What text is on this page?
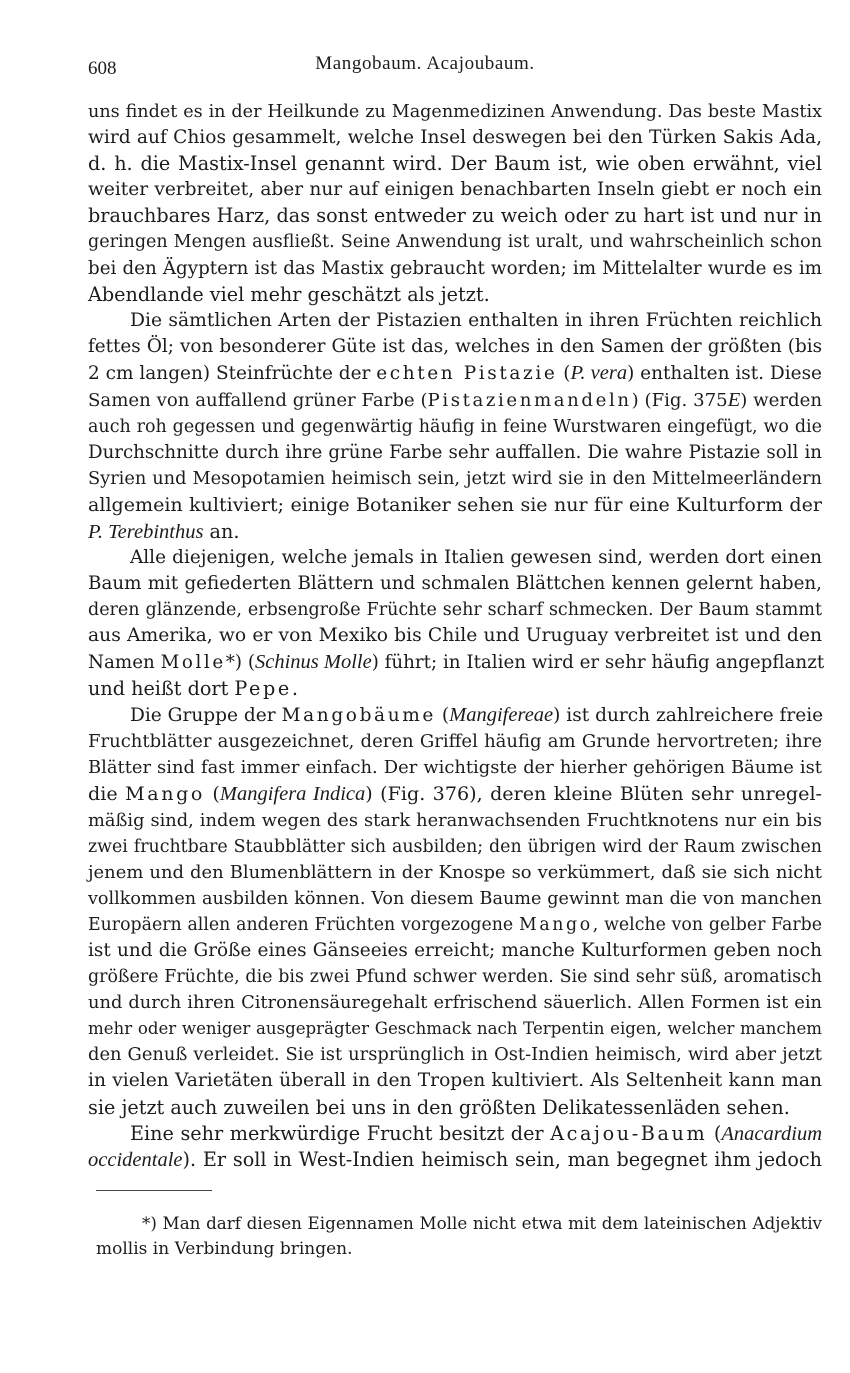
608	Mangobaum. Acajoubaum.
uns findet es in der Heilkunde zu Magenmedizinen Anwendung. Das beste Mastix
wird auf Chios gesammelt, welche Insel deswegen bei den Türken Sakis Ada,
d. h. die Mastix-Insel genannt wird. Der Baum ist, wie oben erwähnt, viel
weiter verbreitet, aber nur auf einigen benachbarten Inseln giebt er noch ein
brauchbares Harz, das sonst entweder zu weich oder zu hart ist und nur in
geringen Mengen ausfließt. Seine Anwendung ist uralt, und wahrscheinlich schon
bei den Ägyptern ist das Mastix gebraucht worden; im Mittelalter wurde es im
Abendlande viel mehr geschätzt als jetzt.
Die sämtlichen Arten der Pistazien enthalten in ihren Früchten reichlich
fettes Öl; von besonderer Güte ist das, welches in den Samen der größten (bis
2 cm langen) Steinfrüchte der echten Pistazie (P. vera) enthalten ist. Diese
Samen von auffallend grüner Farbe (Pistazienmandeln) (Fig. 375E) werden
auch roh gegessen und gegenwärtig häufig in feine Wurstwaren eingefügt, wo die
Durchschnitte durch ihre grüne Farbe sehr auffallen. Die wahre Pistazie soll in
Syrien und Mesopotamien heimisch sein, jetzt wird sie in den Mittelmeerländern
allgemein kultiviert; einige Botaniker sehen sie nur für eine Kulturform der
P. Terebinthus an.
Alle diejenigen, welche jemals in Italien gewesen sind, werden dort einen
Baum mit gefiederten Blättern und schmalen Blättchen kennen gelernt haben,
deren glänzende, erbsengroße Früchte sehr scharf schmecken. Der Baum stammt
aus Amerika, wo er von Mexiko bis Chile und Uruguay verbreitet ist und den
Namen Molle*) (Schinus Molle) führt; in Italien wird er sehr häufig angepflanzt
und heißt dort Pepe.
Die Gruppe der Mangobäume (Mangifereae) ist durch zahlreichere freie
Fruchtblätter ausgezeichnet, deren Griffel häufig am Grunde hervortreten; ihre
Blätter sind fast immer einfach. Der wichtigste der hierher gehörigen Bäume ist
die Mango (Mangifera Indica) (Fig. 376), deren kleine Blüten sehr unregel-
mäßig sind, indem wegen des stark heranwachsenden Fruchtknotens nur ein bis
zwei fruchtbare Staubblätter sich ausbilden; den übrigen wird der Raum zwischen
jenem und den Blumenblättern in der Knospe so verkümmert, daß sie sich nicht
vollkommen ausbilden können. Von diesem Baume gewinnt man die von manchen
Europäern allen anderen Früchten vorgezogene Mango, welche von gelber Farbe
ist und die Größe eines Gänseeies erreicht; manche Kulturformen geben noch
größere Früchte, die bis zwei Pfund schwer werden. Sie sind sehr süß, aromatisch
und durch ihren Citronensäuregehalt erfrischend säuerlich. Allen Formen ist ein
mehr oder weniger ausgeprägter Geschmack nach Terpentin eigen, welcher manchem
den Genuß verleidet. Sie ist ursprünglich in Ost-Indien heimisch, wird aber jetzt
in vielen Varietäten überall in den Tropen kultiviert. Als Seltenheit kann man
sie jetzt auch zuweilen bei uns in den größten Delikatessenläden sehen.
Eine sehr merkwürdige Frucht besitzt der Acajou-Baum (Anacardium
occidentale). Er soll in West-Indien heimisch sein, man begegnet ihm jedoch
*) Man darf diesen Eigennamen Molle nicht etwa mit dem lateinischen Adjektiv
mollis in Verbindung bringen.
